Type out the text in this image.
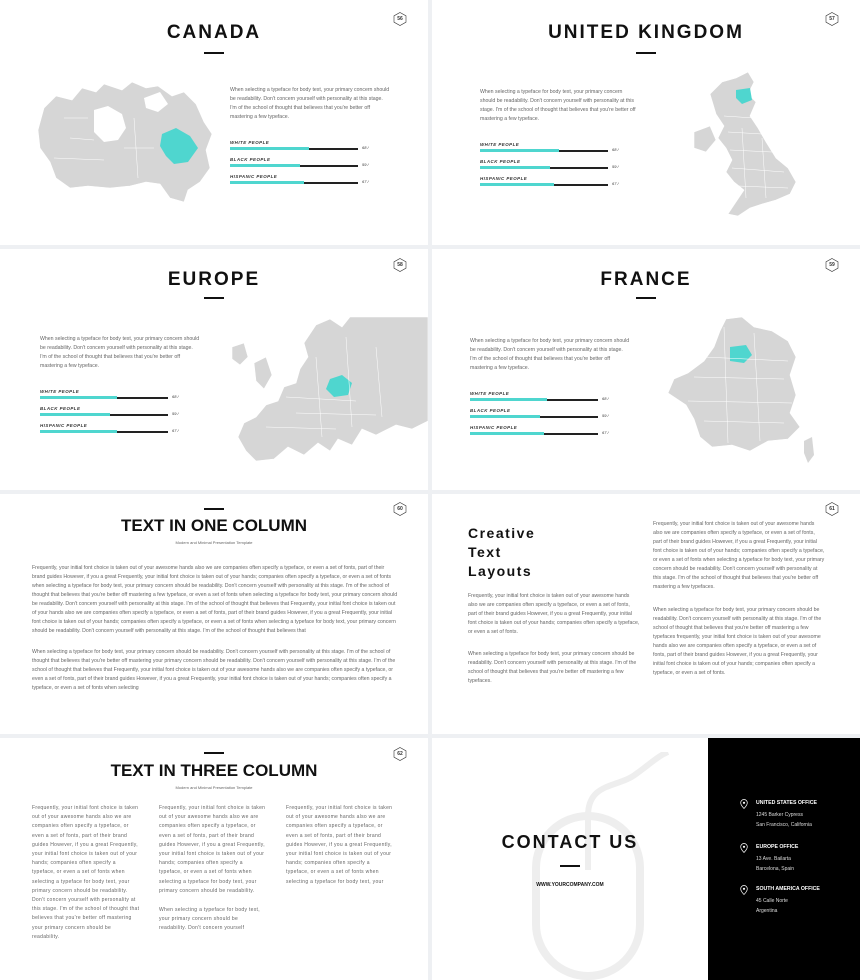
CANADA
56
When selecting a typeface for body text, your primary concern should be readability. Don't concern yourself with personality at this stage. I'm of the school of thought that believes that you're better off mastering a few typeface.
WHITE PEOPLE
68 /
BLACK PEOPLE
59 /
HISPANIC PEOPLE
67 /
UNITED KINGDOM
57
When selecting a typeface for body text, your primary concern should be readability. Don't concern yourself with personality at this stage. I'm of the school of thought that believes that you're better off mastering a few typeface.
WHITE PEOPLE
68 /
BLACK PEOPLE
59 /
HISPANIC PEOPLE
67 /
EUROPE
58
When selecting a typeface for body text, your primary concern should be readability. Don't concern yourself with personality at this stage. I'm of the school of thought that believes that you're better off mastering a few typeface.
WHITE PEOPLE
68 /
BLACK PEOPLE
59 /
HISPANIC PEOPLE
67 /
FRANCE
59
When selecting a typeface for body text, your primary concern should be readability. Don't concern yourself with personality at this stage. I'm of the school of thought that believes that you're better off mastering a few typeface.
WHITE PEOPLE
68 /
BLACK PEOPLE
59 /
HISPANIC PEOPLE
67 /
TEXT IN ONE COLUMN
Modern and Minimal Presentation Template
60
Frequently, your initial font choice is taken out of your awesome hands also we are companies often specify a typeface, or even a set of fonts, part of their brand guides However, if you a great Frequently, your initial font choice is taken out of your hands; companies often specify a typeface, or even a set of fonts when selecting a typeface for body text, your primary concern should be readability. Don't concern yourself with personality at this stage. I'm of the school of thought that believes that you're better off mastering a few typeface, or even a set of fonts when selecting a typeface for body text, your primary concern should be readability. Don't concern yourself with personality at this stage. I'm of the school of thought that believes that Frequently, your initial font choice is taken out of your hands also we are companies often specify a typeface, or even a set of fonts, part of their brand guides However, if you a great Frequently, your initial font choice is taken out of your hands; companies often specify a typeface, or even a set of fonts when selecting a typeface for body text, your primary concern should be readability. Don't concern yourself with personality at this stage. I'm of the school of thought that believes that
When selecting a typeface for body text, your primary concern should be readability. Don't concern yourself with personality at this stage. I'm of the school of thought that believes that you're better off mastering your primary concern should be readability. Don't concern yourself with personality at this stage. I'm of the school of thought that believes that Frequently, your initial font choice is taken out of your awesome hands also we are companies often specify a typeface, or even a set of fonts, part of their brand guides However, if you a great Frequently, your initial font choice is taken out of your hands; companies often specify a typeface, or even a set of fonts when selecting
Creative
Text
Layouts
61
Frequently, your initial font choice is taken out of your awesome hands also we are companies often specify a typeface, or even a set of fonts, part of their brand guides However, if you a great Frequently, your initial font choice is taken out of your hands; companies often specify a typeface, or even a set of fonts.
When selecting a typeface for body text, your primary concern should be readability. Don't concern yourself with personality at this stage. I'm of the school of thought that believes that you're better off mastering a few typefaces.
Frequently, your initial font choice is taken out of your awesome hands also we are companies often specify a typeface, or even a set of fonts, part of their brand guides However, if you a great Frequently, your initial font choice is taken out of your hands; companies often specify a typeface, or even a set of fonts when selecting a typeface for body text, your primary concern should be readability. Don't concern yourself with personality at this stage. I'm of the school of thought that believes that you're better off mastering a few typefaces.
When selecting a typeface for body text, your primary concern should be readability. Don't concern yourself with personality at this stage. I'm of the school of thought that believes that you're better off mastering a few typefaces frequently, your initial font choice is taken out of your awesome hands also we are companies often specify a typeface, or even a set of fonts, part of their brand guides However, if you a great Frequently, your initial font choice is taken out of your hands; companies often specify a typeface, or even a set of fonts.
TEXT IN THREE COLUMN
Modern and Minimal Presentation Template
62
Frequently, your initial font choice is taken out of your awesome hands also we are companies often specify a typeface, or even a set of fonts, part of their brand guides However, if you a great Frequently, your initial font choice is taken out of your hands; companies often specify a typeface, or even a set of fonts when selecting a typeface for body text, your primary concern should be readability. Don't concern yourself with personality at this stage. I'm of the school of thought that believes that you're better off mastering your primary concern should be readability.
Frequently, your initial font choice is taken out of your awesome hands also we are companies often specify a typeface, or even a set of fonts, part of their brand guides However, if you a great Frequently, your initial font choice is taken out of your hands; companies often specify a typeface, or even a set of fonts when selecting a typeface for body text, your primary concern should be readability.
When selecting a typeface for body text, your primary concern should be readability. Don't concern yourself
Frequently, your initial font choice is taken out of your awesome hands also we are companies often specify a typeface, or even a set of fonts, part of their brand guides However, if you a great Frequently, your initial font choice is taken out of your hands; companies often specify a typeface, or even a set of fonts when selecting a typeface for body text, your
CONTACT US
WWW.YOURCOMPANY.COM
UNITED STATES OFFICE
1245 Barker Cypress
San Francisco, California
EUROPE OFFICE
13 Ave. Bailarta
Barcelona, Spain
SOUTH AMERICA OFFICE
45 Calle Norte
Argentina
